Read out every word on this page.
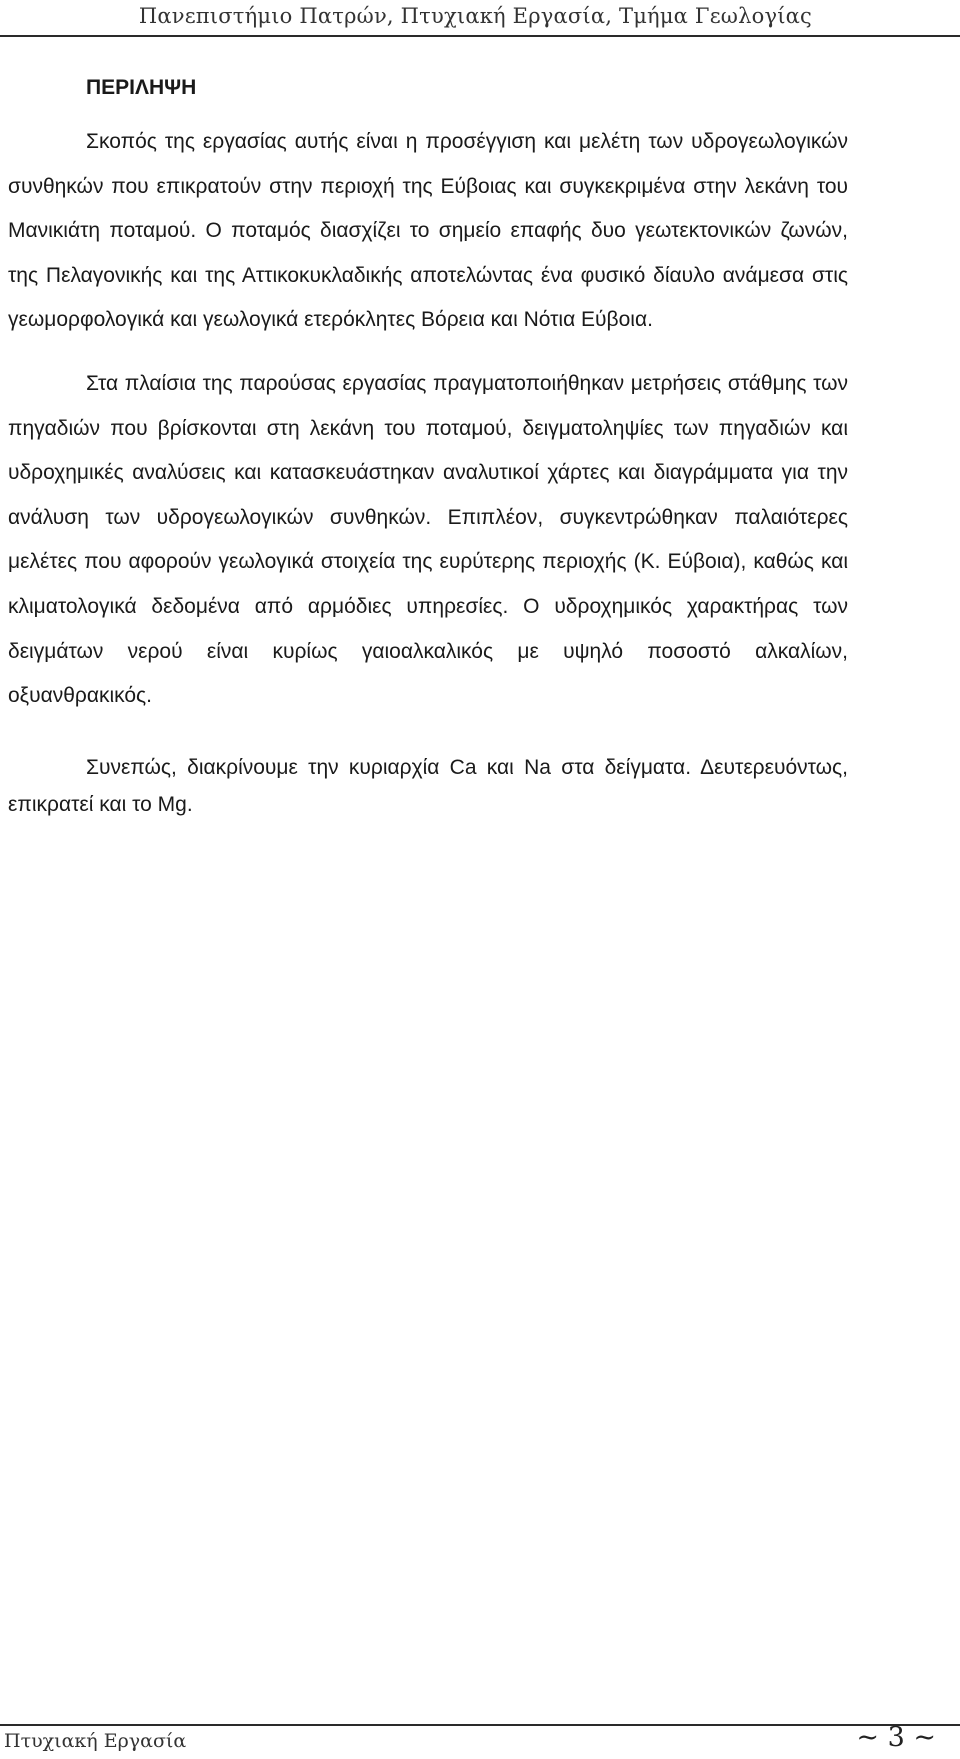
Πανεπιστήμιο Πατρών, Πτυχιακή Εργασία, Τμήμα Γεωλογίας
ΠΕΡΙΛΗΨΗ

Σκοπός της εργασίας αυτής είναι η προσέγγιση και μελέτη των υδρογεωλογικών συνθηκών που επικρατούν στην περιοχή της Εύβοιας και συγκεκριμένα στην λεκάνη του Μανικιάτη ποταμού. Ο ποταμός διασχίζει το σημείο επαφής δυο γεωτεκτονικών ζωνών, της Πελαγονικής και της Αττικοκυκλαδικής αποτελώντας ένα φυσικό δίαυλο ανάμεσα στις γεωμορφολογικά και γεωλογικά ετερόκλητες Βόρεια και Νότια Εύβοια.

Στα πλαίσια της παρούσας εργασίας πραγματοποιήθηκαν μετρήσεις στάθμης των πηγαδιών που βρίσκονται στη λεκάνη του ποταμού, δειγματοληψίες των πηγαδιών και υδροχημικές αναλύσεις και κατασκευάστηκαν αναλυτικοί χάρτες και διαγράμματα για την ανάλυση των υδρογεωλογικών συνθηκών. Επιπλέον, συγκεντρώθηκαν παλαιότερες μελέτες που αφορούν γεωλογικά στοιχεία της ευρύτερης περιοχής (Κ. Εύβοια), καθώς και κλιματολογικά δεδομένα από αρμόδιες υπηρεσίες. Ο υδροχημικός χαρακτήρας των δειγμάτων νερού είναι κυρίως γαιοαλκαλικός με υψηλό ποσοστό αλκαλίων, οξυανθρακικός.

Συνεπώς, διακρίνουμε την κυριαρχία Ca και Na στα δείγματα. Δευτερευόντως, επικρατεί και το Mg.

Πτυχιακή Εργασία	~ 3 ~
